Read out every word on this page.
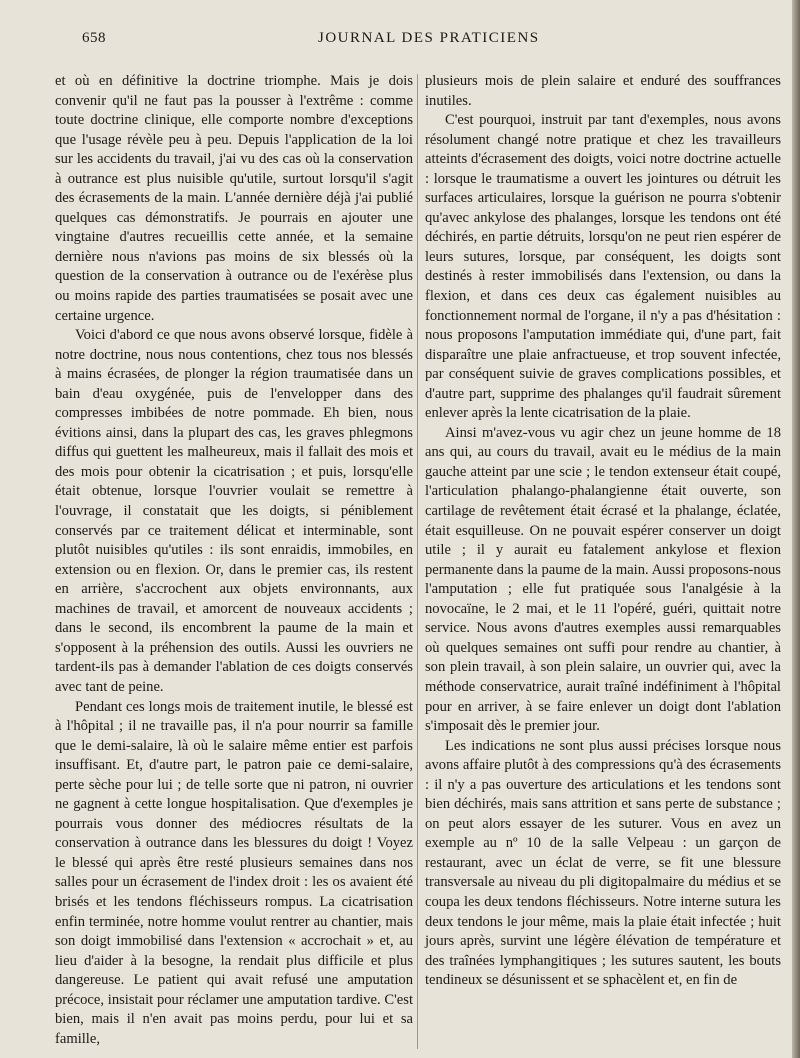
658	JOURNAL DES PRATICIENS

et où en définitive la doctrine triomphe. Mais je dois convenir qu'il ne faut pas la pousser à l'extrême : comme toute doctrine clinique, elle comporte nombre d'exceptions que l'usage révèle peu à peu. Depuis l'application de la loi sur les accidents du travail, j'ai vu des cas où la conservation à outrance est plus nuisible qu'utile, surtout lorsqu'il s'agit des écrasements de la main. L'année dernière déjà j'ai publié quelques cas démonstratifs. Je pourrais en ajouter une vingtaine d'autres recueillis cette année, et la semaine dernière nous n'avions pas moins de six blessés où la question de la conservation à outrance ou de l'exérèse plus ou moins rapide des parties traumatisées se posait avec une certaine urgence.

Voici d'abord ce que nous avons observé lorsque, fidèle à notre doctrine, nous nous contentions, chez tous nos blessés à mains écrasées, de plonger la région traumatisée dans un bain d'eau oxygénée, puis de l'envelopper dans des compresses imbibées de notre pommade. Eh bien, nous évitions ainsi, dans la plupart des cas, les graves phlegmons diffus qui guettent les malheureux, mais il fallait des mois et des mois pour obtenir la cicatrisation ; et puis, lorsqu'elle était obtenue, lorsque l'ouvrier voulait se remettre à l'ouvrage, il constatait que les doigts, si péniblement conservés par ce traitement délicat et interminable, sont plutôt nuisibles qu'utiles : ils sont enraidis, immobiles, en extension ou en flexion. Or, dans le premier cas, ils restent en arrière, s'accrochent aux objets environnants, aux machines de travail, et amorcent de nouveaux accidents ; dans le second, ils encombrent la paume de la main et s'opposent à la préhension des outils. Aussi les ouvriers ne tardent-ils pas à demander l'ablation de ces doigts conservés avec tant de peine.

Pendant ces longs mois de traitement inutile, le blessé est à l'hôpital ; il ne travaille pas, il n'a pour nourrir sa famille que le demi-salaire, là où le salaire même entier est parfois insuffisant. Et, d'autre part, le patron paie ce demi-salaire, perte sèche pour lui ; de telle sorte que ni patron, ni ouvrier ne gagnent à cette longue hospitalisation. Que d'exemples je pourrais vous donner des médiocres résultats de la conservation à outrance dans les blessures du doigt ! Voyez le blessé qui après être resté plusieurs semaines dans nos salles pour un écrasement de l'index droit : les os avaient été brisés et les tendons fléchisseurs rompus. La cicatrisation enfin terminée, notre homme voulut rentrer au chantier, mais son doigt immobilisé dans l'extension « accrochait » et, au lieu d'aider à la besogne, la rendait plus difficile et plus dangereuse. Le patient qui avait refusé une amputation précoce, insistait pour réclamer une amputation tardive. C'est bien, mais il n'en avait pas moins perdu, pour lui et sa famille,

plusieurs mois de plein salaire et enduré des souffrances inutiles.

C'est pourquoi, instruit par tant d'exemples, nous avons résolument changé notre pratique et chez les travailleurs atteints d'écrasement des doigts, voici notre doctrine actuelle : lorsque le traumatisme a ouvert les jointures ou détruit les surfaces articulaires, lorsque la guérison ne pourra s'obtenir qu'avec ankylose des phalanges, lorsque les tendons ont été déchirés, en partie détruits, lorsqu'on ne peut rien espérer de leurs sutures, lorsque, par conséquent, les doigts sont destinés à rester immobilisés dans l'extension, ou dans la flexion, et dans ces deux cas également nuisibles au fonctionnement normal de l'organe, il n'y a pas d'hésitation : nous proposons l'amputation immédiate qui, d'une part, fait disparaître une plaie anfractueuse, et trop souvent infectée, par conséquent suivie de graves complications possibles, et d'autre part, supprime des phalanges qu'il faudrait sûrement enlever après la lente cicatrisation de la plaie.

Ainsi m'avez-vous vu agir chez un jeune homme de 18 ans qui, au cours du travail, avait eu le médius de la main gauche atteint par une scie ; le tendon extenseur était coupé, l'articulation phalango-phalangienne était ouverte, son cartilage de revêtement était écrasé et la phalange, éclatée, était esquilleuse. On ne pouvait espérer conserver un doigt utile ; il y aurait eu fatalement ankylose et flexion permanente dans la paume de la main. Aussi proposons-nous l'amputation ; elle fut pratiquée sous l'analgésie à la novocaïne, le 2 mai, et le 11 l'opéré, guéri, quittait notre service. Nous avons d'autres exemples aussi remarquables où quelques semaines ont suffi pour rendre au chantier, à son plein travail, à son plein salaire, un ouvrier qui, avec la méthode conservatrice, aurait traîné indéfiniment à l'hôpital pour en arriver, à se faire enlever un doigt dont l'ablation s'imposait dès le premier jour.

Les indications ne sont plus aussi précises lorsque nous avons affaire plutôt à des compressions qu'à des écrasements : il n'y a pas ouverture des articulations et les tendons sont bien déchirés, mais sans attrition et sans perte de substance ; on peut alors essayer de les suturer. Vous en avez un exemple au nº 10 de la salle Velpeau : un garçon de restaurant, avec un éclat de verre, se fit une blessure transversale au niveau du pli digitopalmaire du médius et se coupa les deux tendons fléchisseurs. Notre interne sutura les deux tendons le jour même, mais la plaie était infectée ; huit jours après, survint une légère élévation de température et des traînées lymphangitiques ; les sutures sautent, les bouts tendineux se désunissent et se sphacèlent et, en fin de
